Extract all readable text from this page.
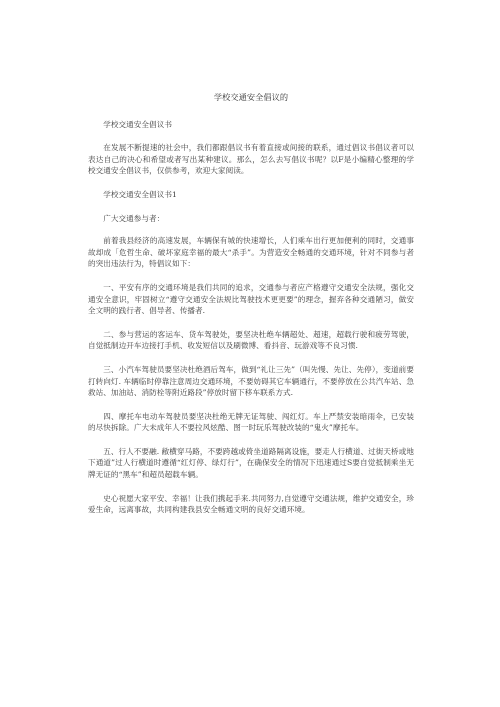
学校交通安全倡议的

学校交通安全倡议书

在发展不断提速的社会中，我们都跟倡议书有着直接或间接的联系，通过倡议书倡议者可以表达自己的决心和希望或者写出某种建议。那么，怎么去写倡议书呢？以F是小编精心整理的学校交通安全倡议书，仅供参考，欢迎大家阅读。

学校交通安全倡议书1

广大交通参与者：

前着我县经济的高速发展，车辆保有城的快速增长，人们乘车出行更加便利的同时，交通事故却成「危哲生命、破坏家庭幸福的最大“杀手”。为营造安全畅通的交通环境，针对不同参与者的突出违法行为，特倡议如下：

一、平安有序的交通环境是我们共同的追求，交通参与者应产格遵守交通安全法规，强化交通安全意识，牢固树立“遵守交通安全法规比驾驶技术更更要”的理念，握弃各种交通陋习，做安全文明的践行者、倡导者、传播者.

二、参与营运的客运车、货车驾驶处，要坚决杜绝车辆超处、超速，超载行驶和疲劳驾驶，自觉抵制边开车边接打手机、收发短信以及刷微博、看抖音、玩游戏等不良习惯.

三、小汽车驾驶员要坚决杜绝酒后驾车，做到“礼让三先”（叫先慢、先让、先停），变道前要打转向灯. 车辆临时停靠注意周边交通环境，不要妨碍其它车辆通行，不要停放在公共汽车站、急救站、加油站、消防栓等附近路段”停放时留下移车联系方式.

四、摩托车电动车驾驶员要坚决杜绝无牌无证驾驶、闯红灯。车上严禁安装暗雨伞，已安装的尽快拆除。广大未成年人不要拉风炫酷、图一时玩乐驾驶改装的“鬼火”摩托车。

五、行人不要融. 敝横穿马路，不要跨越或倚坐道路隔离设施，要走人行横道、过街天桥或地下通道”过人行横道时遵循“红灯停、绿灯行”，在确保安全的情况下迅速通过S要自觉抵制乘坐无牌无证的“黑车”和超员超载车辆。

史心祝愿大家平安、幸福！让我们携起手来.共同努力,自觉遵守交通法规，维护交通安全，珍爱生命，远离事故，共同构建我县安全畅通文明的良好交通环境。
